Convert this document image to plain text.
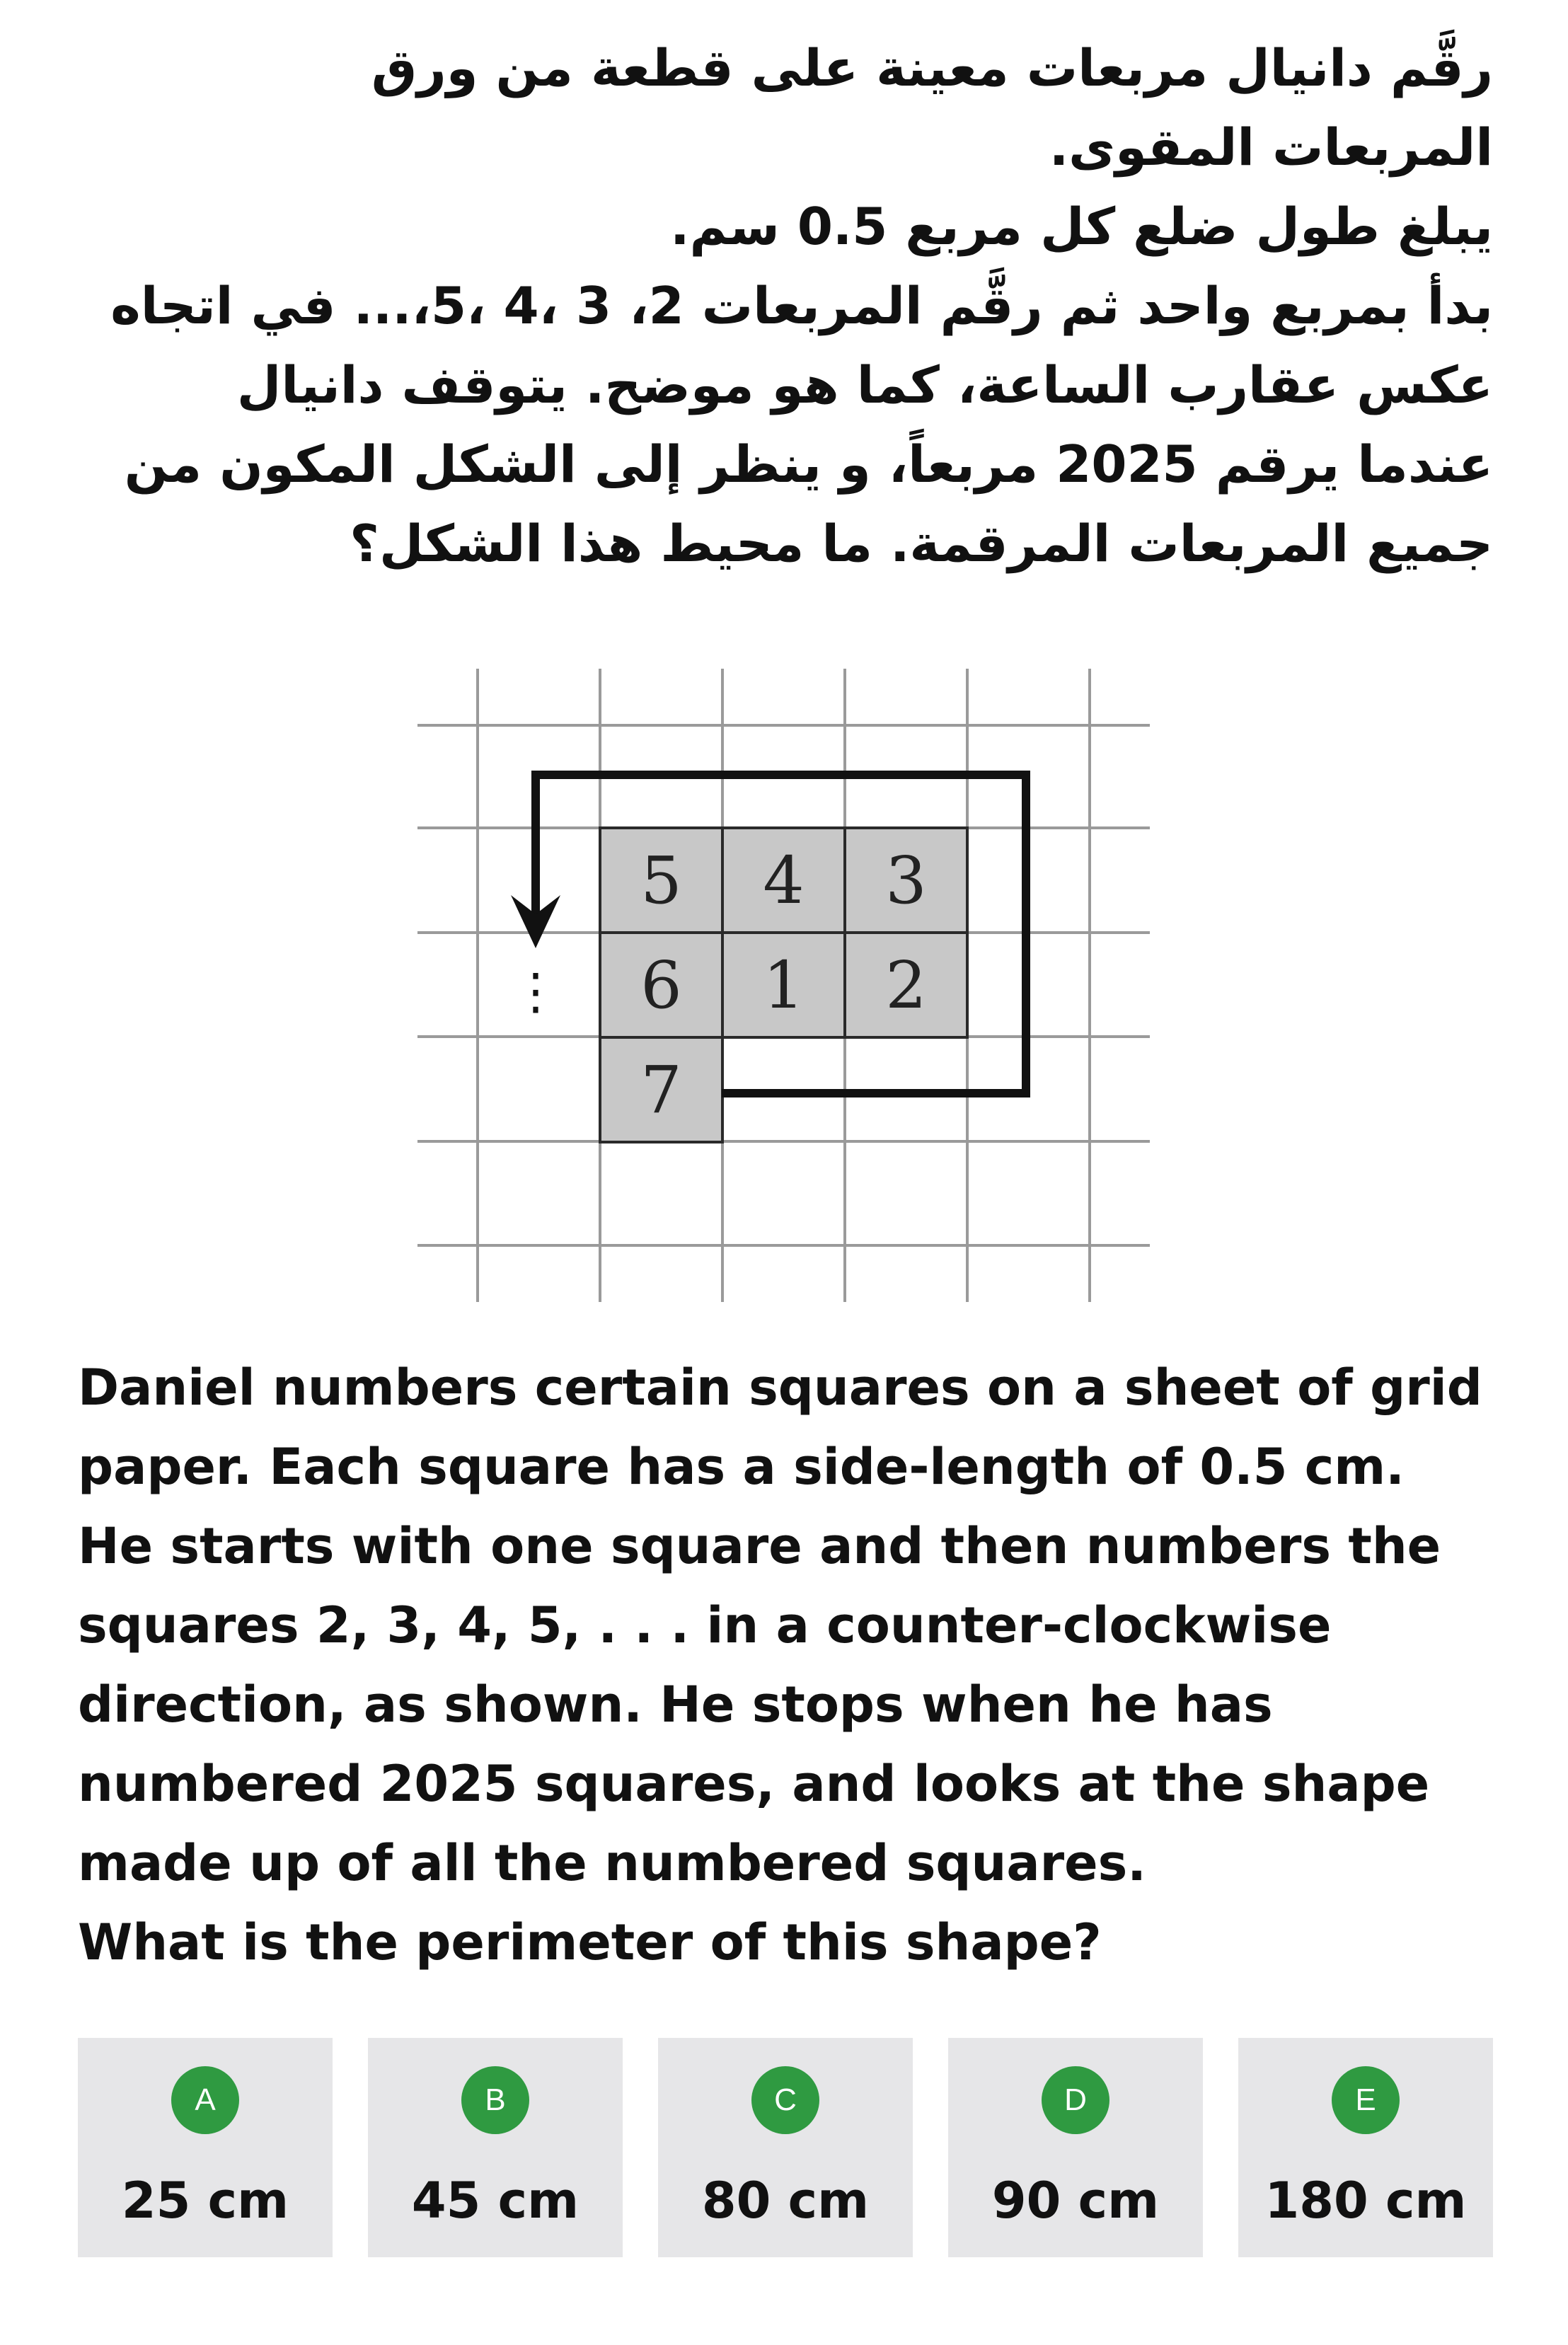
رقَّم دانيال مربعات معينة على قطعة من ورق

المربعات المقوى.

يبلغ طول ضلع كل مربع 0.5 سم.

بدأ بمربع واحد ثم رقَّم المربعات 2، 3 ،4 ،5،... في اتجاه

عكس عقارب الساعة، كما هو موضح. يتوقف دانيال

عندما يرقم 2025 مربعاً، و ينظر إلى الشكل المكون من

جميع المربعات المرقمة. ما محيط هذا الشكل؟

5 4 3
6 1 2
7
⋮

Daniel numbers certain squares on a sheet of grid

paper. Each square has a side-length of 0.5 cm.

He starts with one square and then numbers the

squares 2, 3, 4, 5, . . . in a counter-clockwise

direction, as shown. He stops when he has

numbered 2025 squares, and looks at the shape

made up of all the numbered squares.

What is the perimeter of this shape?

A
25 cm
B
45 cm
C
80 cm
D
90 cm
E
180 cm
